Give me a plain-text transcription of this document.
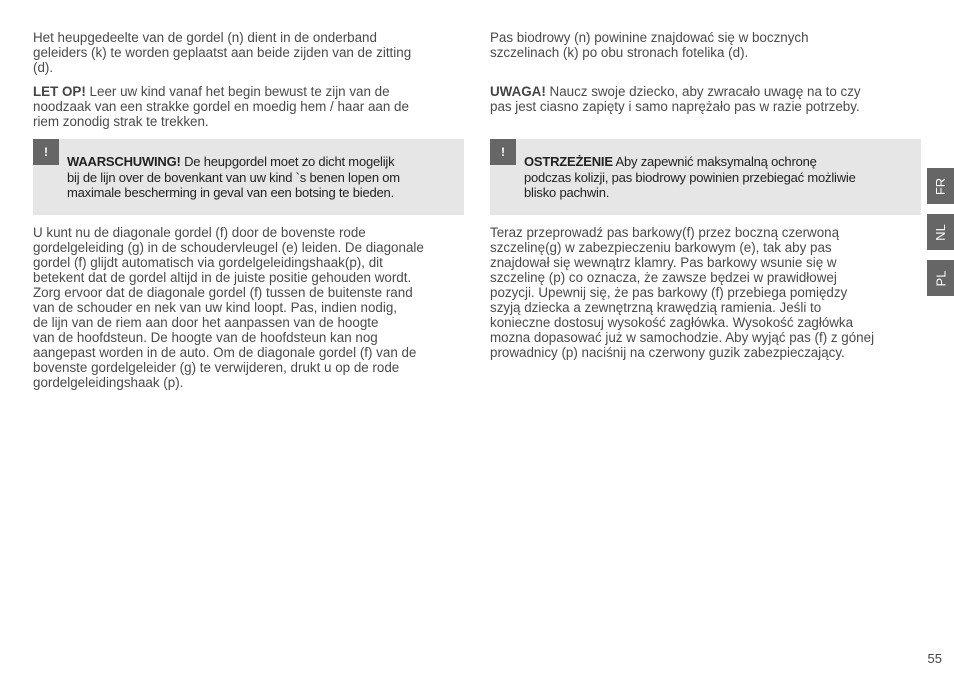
Het heupgedeelte van de gordel (n) dient in de onderband
geleiders (k) te worden geplaatst aan beide zijden van de zitting
(d).

LET OP! Leer uw kind vanaf het begin bewust te zijn van de
noodzaak van een strakke gordel en moedig hem / haar aan de
riem zonodig strak te trekken.

!
WAARSCHUWING! De heupgordel moet zo dicht mogelijk
bij de lijn over de bovenkant van uw kind `s benen lopen om
maximale bescherming in geval van een botsing te bieden.

U kunt nu de diagonale gordel (f) door de bovenste rode
gordelgeleiding (g) in de schoudervleugel (e) leiden. De diagonale
gordel (f) glijdt automatisch via gordelgeleidingshaak(p), dit
betekent dat de gordel altijd in de juiste positie gehouden wordt.
Zorg ervoor dat de diagonale gordel (f) tussen de buitenste rand
van de schouder en nek van uw kind loopt. Pas, indien nodig,
de lijn van de riem aan door het aanpassen van de hoogte
van de hoofdsteun. De hoogte van de hoofdsteun kan nog
aangepast worden in de auto. Om de diagonale gordel (f) van de
bovenste gordelgeleider (g) te verwijderen, drukt u op de rode
gordelgeleidingshaak (p).

Pas biodrowy (n) powinine znajdować się w bocznych
szczelinach (k) po obu stronach fotelika (d).

UWAGA! Naucz swoje dziecko, aby zwracało uwagę na to czy
pas jest ciasno zapięty i samo naprężało pas w razie potrzeby.

!
OSTRZEŻENIE Aby zapewnić maksymalną ochronę
podczas kolizji, pas biodrowy powinien przebiegać możliwie
blisko pachwin.

Teraz przeprowadź pas barkowy(f) przez boczną czerwoną
szczelinę(g) w zabezpieczeniu barkowym (e), tak aby pas
znajdował się wewnątrz klamry. Pas barkowy wsunie się w
szczelinę (p) co oznacza, że zawsze będzei w prawidłowej
pozycji. Upewnij się, że pas barkowy (f) przebiega pomiędzy
szyją dziecka a zewnętrzną krawędzią ramienia. Jeśli to
konieczne dostosuj wysokość zagłówka. Wysokość zagłówka
mozna dopasować już w samochodzie. Aby wyjąć pas (f) z gónej
prowadnicy (p) naciśnij na czerwony guzik zabezpieczający.

FR
NL
PL
55
